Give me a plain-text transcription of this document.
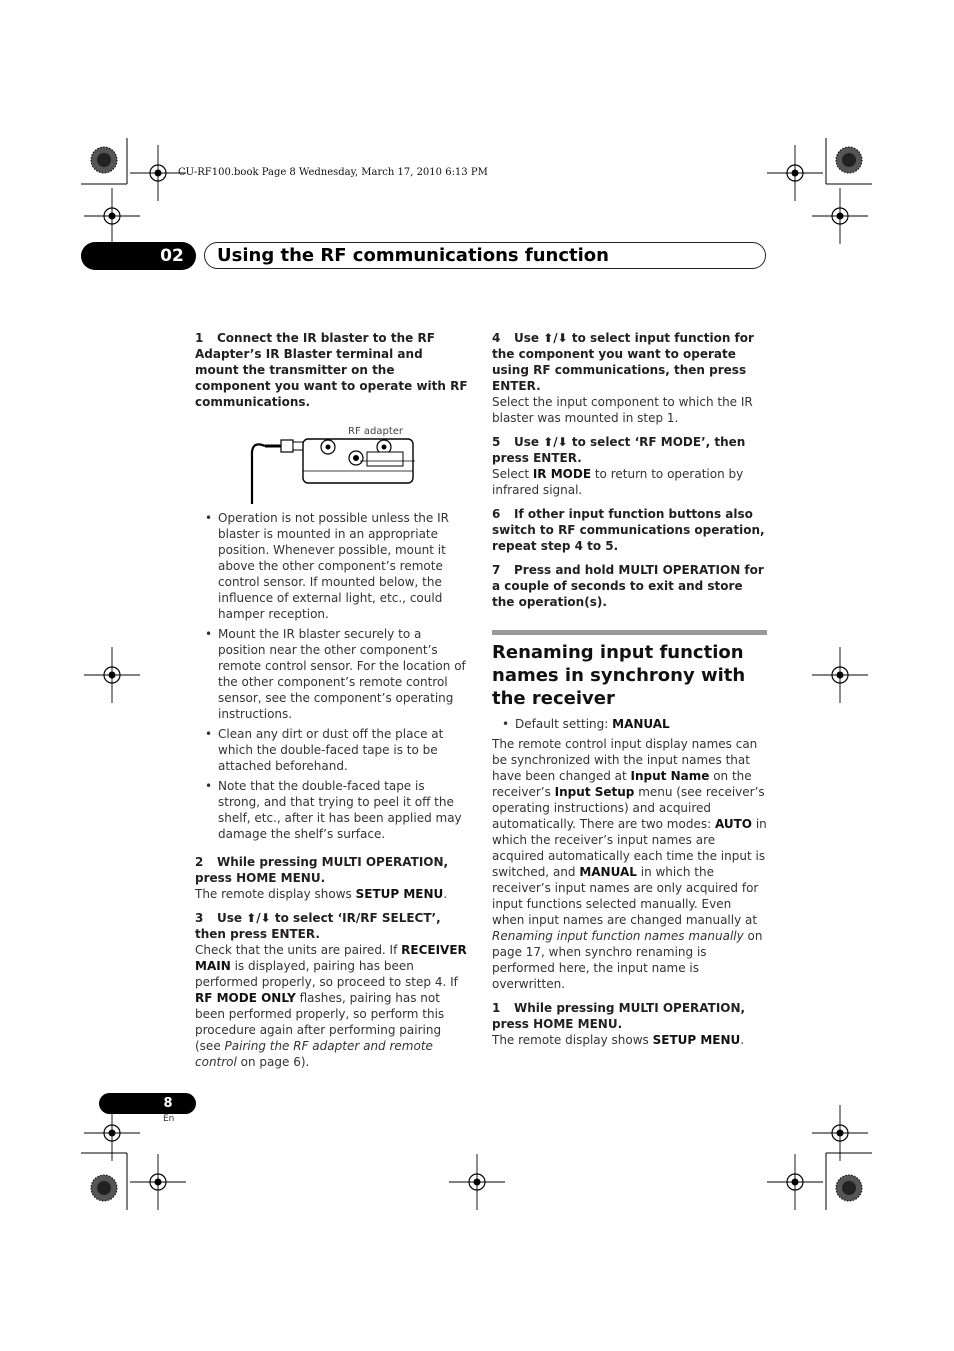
CU-RF100.book Page 8 Wednesday, March 17, 2010 6:13 PM
02	Using the RF communications function

1 Connect the IR blaster to the RF Adapter’s IR Blaster terminal and mount the transmitter on the component you want to operate with RF communications.

RF adapter
• Operation is not possible unless the IR blaster is mounted in an appropriate position. Whenever possible, mount it above the other component’s remote control sensor. If mounted below, the influence of external light, etc., could hamper reception.
• Mount the IR blaster securely to a position near the other component’s remote control sensor. For the location of the other component’s remote control sensor, see the component’s operating instructions.
• Clean any dirt or dust off the place at which the double-faced tape is to be attached beforehand.
• Note that the double-faced tape is strong, and that trying to peel it off the shelf, etc., after it has been applied may damage the shelf’s surface.

2 While pressing MULTI OPERATION, press HOME MENU.

The remote display shows SETUP MENU.

3 Use ⬆/⬇ to select ‘IR/RF SELECT’, then press ENTER.

Check that the units are paired. If RECEIVER MAIN is displayed, pairing has been performed properly, so proceed to step 4. If RF MODE ONLY flashes, pairing has not been performed properly, so perform this procedure again after performing pairing (see Pairing the RF adapter and remote control on page 6).

4 Use ⬆/⬇ to select input function for the component you want to operate using RF communications, then press ENTER.

Select the input component to which the IR blaster was mounted in step 1.

5 Use ⬆/⬇ to select ‘RF MODE’, then press ENTER.

Select IR MODE to return to operation by infrared signal.

6 If other input function buttons also switch to RF communications operation, repeat step 4 to 5.

7 Press and hold MULTI OPERATION for a couple of seconds to exit and store the operation(s).

Renaming input function names in synchrony with the receiver
• Default setting: MANUAL

The remote control input display names can be synchronized with the input names that have been changed at Input Name on the receiver’s Input Setup menu (see receiver’s operating instructions) and acquired automatically. There are two modes: AUTO in which the receiver’s input names are acquired automatically each time the input is switched, and MANUAL in which the receiver’s input names are only acquired for input functions selected manually. Even when input names are changed manually at Renaming input function names manually on page 17, when synchro renaming is performed here, the input name is overwritten.

1 While pressing MULTI OPERATION, press HOME MENU.

The remote display shows SETUP MENU.

8
En
